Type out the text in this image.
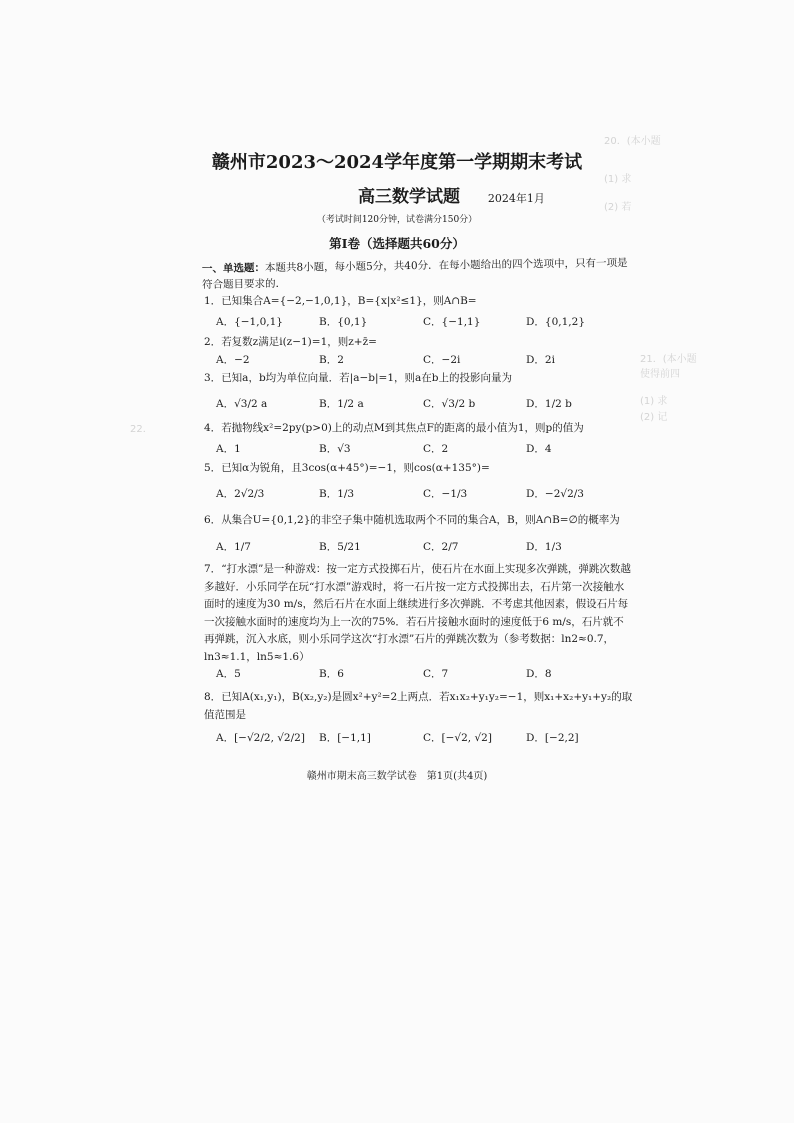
20．(本小题
(1) 求
(2) 若
21．(本小题
使得前四
(1) 求
(2) 记
22．
赣州市2023～2024学年度第一学期期末考试
高三数学试题	2024年1月
（考试时间120分钟，试卷满分150分）
第Ⅰ卷（选择题共60分）
一、单选题：本题共8小题，每小题5分，共40分．在每小题给出的四个选项中，只有一项是符合题目要求的．
1．已知集合A={−2,−1,0,1}，B={x|x²≤1}，则A∩B=
A．{−1,0,1}	B．{0,1}	C．{−1,1}	D．{0,1,2}
2．若复数z满足i(z−1)=1，则z+z̄=
A．−2	B．2	C．−2i	D．2i
3．已知a，b均为单位向量．若|a−b|=1，则a在b上的投影向量为
A．√3/2 a	B．1/2 a	C．√3/2 b	D．1/2 b
4．若抛物线x²=2py(p>0)上的动点M到其焦点F的距离的最小值为1，则p的值为
A．1	B．√3	C．2	D．4
5．已知α为锐角，且3cos(α+45°)=−1，则cos(α+135°)=
A．2√2/3	B．1/3	C．−1/3	D．−2√2/3
6．从集合U={0,1,2}的非空子集中随机选取两个不同的集合A，B，则A∩B=∅的概率为
A．1/7	B．5/21	C．2/7	D．1/3
7．“打水漂”是一种游戏：按一定方式投掷石片，使石片在水面上实现多次弹跳，弹跳次数越多越好．小乐同学在玩“打水漂”游戏时，将一石片按一定方式投掷出去，石片第一次接触水面时的速度为30 m/s，然后石片在水面上继续进行多次弹跳．不考虑其他因素，假设石片每一次接触水面时的速度均为上一次的75%．若石片接触水面时的速度低于6 m/s，石片就不再弹跳，沉入水底，则小乐同学这次“打水漂”石片的弹跳次数为（参考数据：ln2≈0.7，ln3≈1.1，ln5≈1.6）
A．5	B．6	C．7	D．8
8．已知A(x₁,y₁)，B(x₂,y₂)是圆x²+y²=2上两点．若x₁x₂+y₁y₂=−1，则x₁+x₂+y₁+y₂的取值范围是
A．[−√2/2, √2/2] B．[−1,1]	C．[−√2, √2]	D．[−2,2]
赣州市期末高三数学试卷　第1页(共4页)
